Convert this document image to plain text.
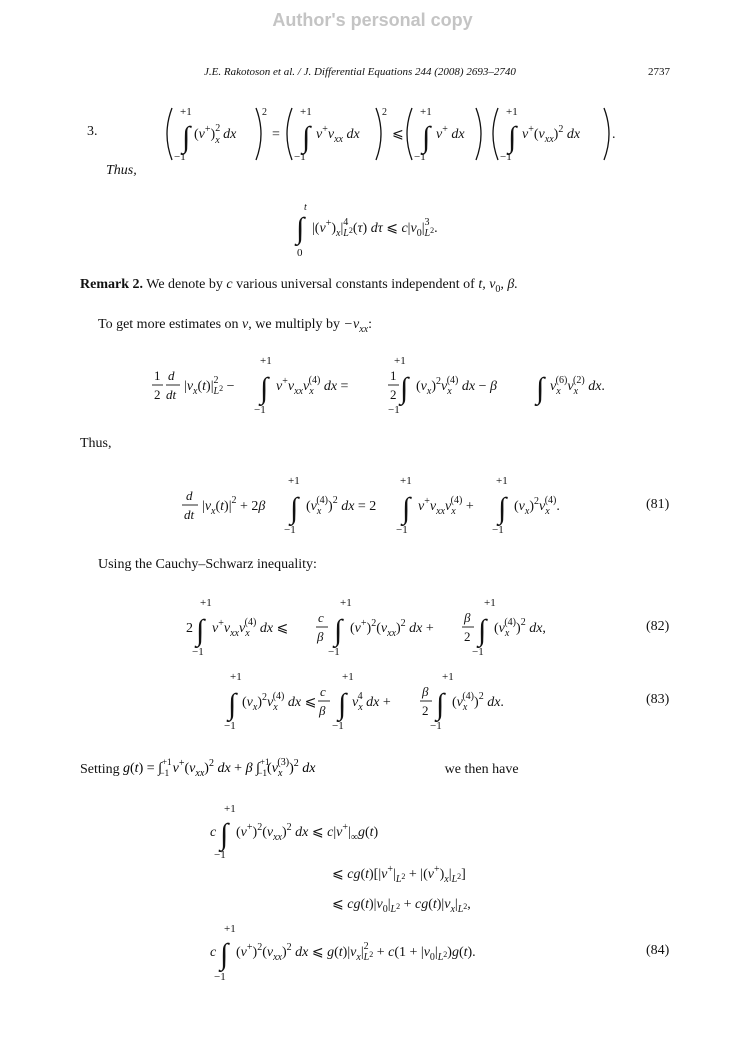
Author's personal copy
J.E. Rakotoson et al. / J. Differential Equations 244 (2008) 2693–2740	2737
3.
+1
∫
−1
$(v^+)^2$ x dx
2
=
+1
∫
−1
$v^+v_{xx}$ dx
2
⩽
+1
∫
−1
v+ dx
+1
∫
−1
$v^+(v_{xx})^2$ dx .
Thus,
t
∫
0
$|(v^+)_x|^4$ $L^2(\tau)$ dτ ⩽ $c|v_0|^3$ $L^2$.
Remark 2. We denote by c various universal constants independent of t, $v_0$, β.
To get more estimates on v, we multiply by $-v_{xx}$:
1
2
d
dt
$|v_x(t)|^2$ $L^2$ −
+1
∫
−1
$v^+v_{xx}v_x(4)$ dx =
1
2
+1
∫
−1
$(v_x)^2v_x(4)$ dx − β ∫ $v_x(6)v_x(2)$ dx.
Thus,
d
dt
$|v_x(t)|^2 + 2\beta$
+1
∫
−1
$(v_x(4))^2$ dx = 2
+1
∫
−1
$v^+v_{xx}v_x(4)$ +
+1
∫
−1
$(v_x)^2v_x(4)$.	(81)
Using the Cauchy–Schwarz inequality:
2
+1
∫
−1
$v^+v_{xx}v_x(4)$ dx ⩽
c
β
+1
∫
−1
$(v^+)^2(v_{xx})^2$ dx +
β
2
+1
∫
−1
$(v_x(4))^2$ dx,	(82)
+1
∫
−1
$(v_x)^2v_x(4)$ dx ⩽
c
β
+1
∫
−1
$v_x4$ dx +
β
2
+1
∫
−1
$(v_x(4))^2$ dx.	(83)
Setting g(t) = ∫$^{+1}$ −1 $v^+(v_{xx})^2$ dx + β $\int^{+1} -1(v_x(3))^2$ dx	we then have
c
+1
∫
−1
$(v^+)^2(v_{xx})^2$ dx ⩽ $c|v^+|_\infty g(t)$
⩽ $cg(t)[|v^+|_L^2 + |(v^+)_x|_L^2]$
⩽ $cg(t)|v_0|_L^2 + cg(t)|v_x|_L^2$,
c
+1
∫
−1
$(v^+)^2(v_{xx})^2$ dx ⩽ $g(t)|v_x|^2$ $L^2 + c(1 + |v_0|_L^2)g(t)$.	(84)
